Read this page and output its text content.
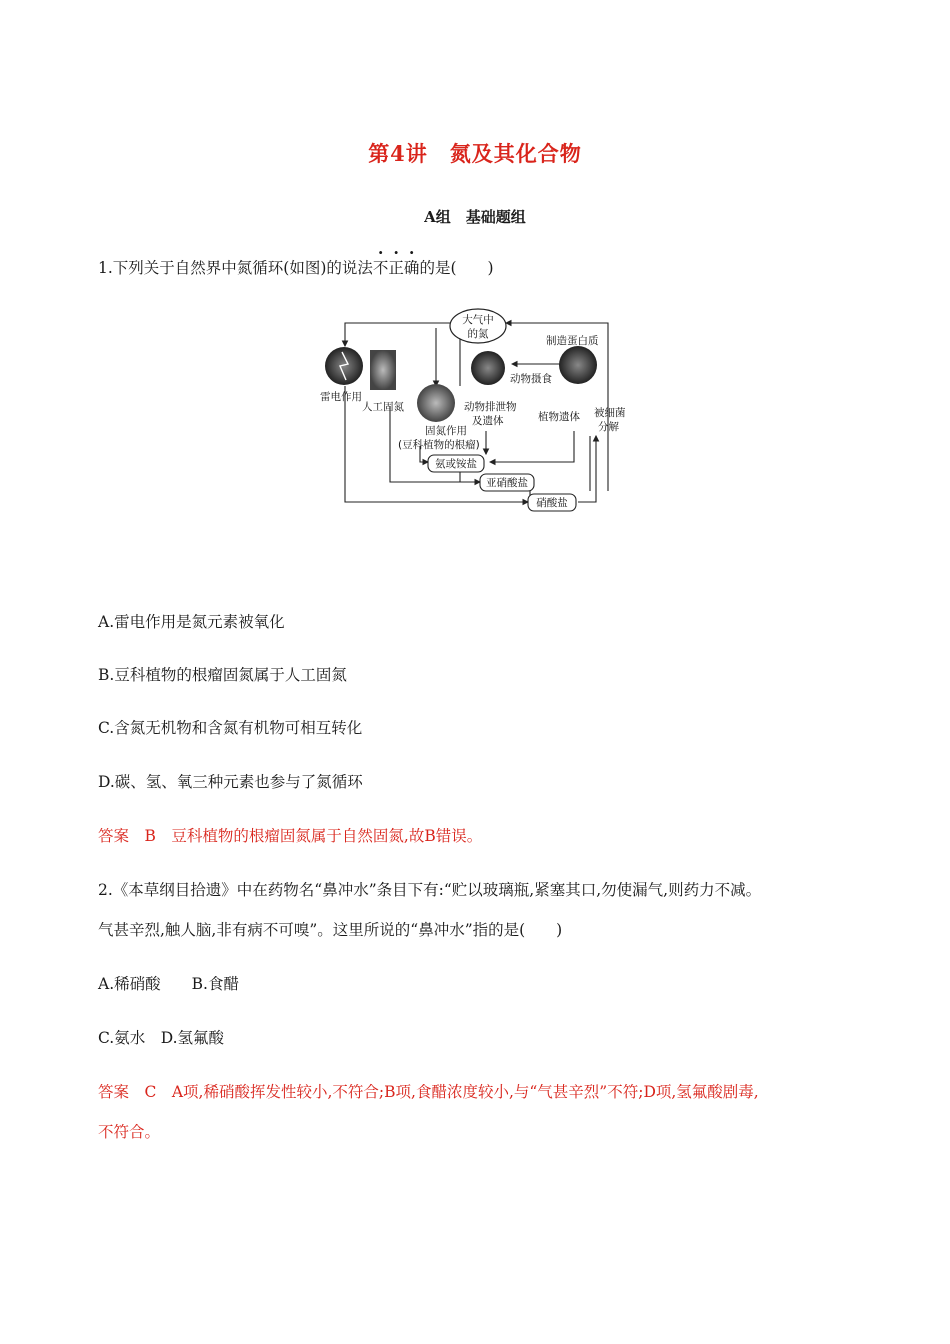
第4讲　氮及其化合物
A组　基础题组
1.下列关于自然界中氮循环(如图)的说法不正确的是(　　)
大气中
的氮
雷电作用
人工固氮
固氮作用
(豆科植物的根瘤)
动物排泄物
及遗体
动物摄食
制造蛋白质
植物遗体 被细菌
分解
氨或铵盐
亚硝酸盐
硝酸盐
A.雷电作用是氮元素被氧化
B.豆科植物的根瘤固氮属于人工固氮
C.含氮无机物和含氮有机物可相互转化
D.碳、氢、氧三种元素也参与了氮循环
答案　B　豆科植物的根瘤固氮属于自然固氮,故B错误。
2.《本草纲目拾遗》中在药物名“鼻冲水”条目下有:“贮以玻璃瓶,紧塞其口,勿使漏气,则药力不减。
气甚辛烈,触人脑,非有病不可嗅”。这里所说的“鼻冲水”指的是(　　)
A.稀硝酸　　B.食醋
C.氨水　D.氢氟酸
答案　C　A项,稀硝酸挥发性较小,不符合;B项,食醋浓度较小,与“气甚辛烈”不符;D项,氢氟酸剧毒,
不符合。
